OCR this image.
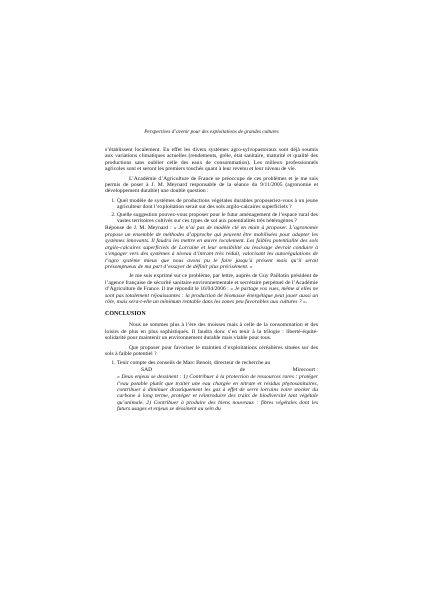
Perspectives d’avenir pour des exploitations de grandes cultures

s’établissent localement. En effet les divers systèmes agro-sylvopastoraux sont déjà soumis aux variations climatiques actuelles (rendements, grêle, état sanitaire, maturité et qualité des productions sans oublier celle des eaux de consommation). Les milieux professionnels agricoles sont et seront les premiers touchés quant à leur revenu et leur niveau de vie.

L’Académie d’Agriculture de France se préoccupe de ces problèmes et je me suis permis de poser à J. M. Meynard responsable de la séance du 9/11/2005 (agronomie et développement durable) une double question :

1. Quel modèle de systèmes de productions végétales durables proposeriez-vous à un jeune agriculteur dont l’exploitation serait sur des sols argilo-calcaires superficiels ?
2. Quelle suggestion pouvez-vous proposer pour le futur aménagement de l’espace rural des vastes territoires cultivés sur ces types de sol aux potentialités très hétérogènes ?

Réponse de J. M. Meynard : « Je n’ai pas de modèle clé en main à proposer. L’agronomie propose un ensemble de méthodes d’approche qui peuvent être mobilisées pour adapter les systèmes innovants. Il faudra les mettre en œuvre localement. Les faibles potentialité des sols argilo-calcaires superficiels de Lorraine et leur sensibilité au lessivage devrait conduire à s’engager vers des systèmes à niveau d’intrant très réduit, valorisant les autorégulations de l’agro système mieux que nous avons pu le faire jusqu’à présent mais qu’il serait présomptueux de ma part d’essayer de définir plus précisément. »

Je me suis exprimé sur ce problème, par lettre, auprès de Guy Paillotin président de l’agence française de sécurité sanitaire environnementale et secrétaire perpétuel de l’Académie d’Agriculture de France. Il me répondit le 16/04/2006 : « Je partage vos vues, même si elles ne sont pas totalement réjouissantes : la production de biomasse énergétique peut jouer aussi un rôle, mais sera-t-elle un minimum rentable dans les zones peu favorables aux cultures ? ».

CONCLUSION

Nous ne sommes plus à l’ère des moisses mais à celle de la consommation et des loisirs de plus en plus sophistiqués. Il faudra donc s’en tenir à la trilogie : liberté-équité-solidarité pour maintenir un environnement durable mais viable pour tous.

Que proposer pour favoriser le maintien d’exploitations céréalières situées sur des sols à faible potentiel ?

1. Tenir compte des conseils de Marc Benoit, directeur de recherche au
SAD	de	Mirecourt :
« Deux enjeux se dessinent : 1) Contribuer à la protection de ressources rares : protéger l’eau potable plutôt que traiter une eau chargée en nitrate et résidus phytosanitaires, contribuer à diminuer drastiquement les gaz à effet de serre lorrains voire stocker du carbone à long terme, protéger et réintroduire des traits de biodiversité tant végétale qu’animale. 2) Contribuer à produire des biens nouveaux : fibres végétales dont les futurs usages et enjeux se dessinent au sein du
